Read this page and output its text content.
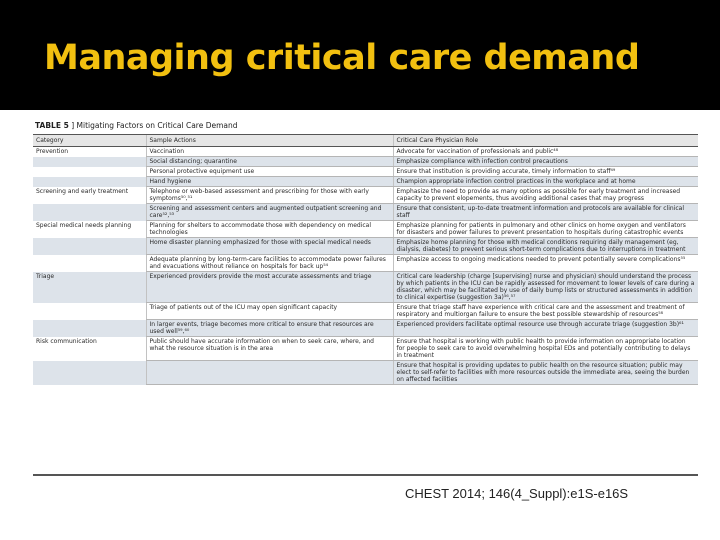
Managing critical care demand
TABLE 5 ] Mitigating Factors on Critical Care Demand
Category	Sample Actions	Critical Care Physician Role
Prevention	Vaccination	Advocate for vaccination of professionals and public⁴⁸
	Social distancing; quarantine	Emphasize compliance with infection control precautions
	Personal protective equipment use	Ensure that institution is providing accurate, timely information to staff⁴⁹
	Hand hygiene	Champion appropriate infection control practices in the workplace and at home
Screening and early treatment	Telephone or web-based assessment and prescribing for those with early symptoms⁵⁰,⁵¹	Emphasize the need to provide as many options as possible for early treatment and increased capacity to prevent elopements, thus avoiding additional cases that may progress
	Screening and assessment centers and augmented outpatient screening and care⁵²,⁵³	Ensure that consistent, up-to-date treatment information and protocols are available for clinical staff
Special medical needs planning	Planning for shelters to accommodate those with dependency on medical technologies	Emphasize planning for patients in pulmonary and other clinics on home oxygen and ventilators for disasters and power failures to prevent presentation to hospitals during catastrophic events
	Home disaster planning emphasized for those with special medical needs	Emphasize home planning for those with medical conditions requiring daily management (eg, dialysis, diabetes) to prevent serious short-term complications due to interruptions in treatment
	Adequate planning by long-term-care facilities to accommodate power failures and evacuations without reliance on hospitals for back up⁵⁴	Emphasize access to ongoing medications needed to prevent potentially severe complications⁵⁵
Triage	Experienced providers provide the most accurate assessments and triage	Critical care leadership (charge [supervising] nurse and physician) should understand the process by which patients in the ICU can be rapidly assessed for movement to lower levels of care during a disaster, which may be facilitated by use of daily bump lists or structured assessments in addition to clinical expertise (suggestion 3a)⁵⁶,⁵⁷
	Triage of patients out of the ICU may open significant capacity	Ensure that triage staff have experience with critical care and the assessment and treatment of respiratory and multiorgan failure to ensure the best possible stewardship of resources⁵⁸
	In larger events, triage becomes more critical to ensure that resources are used well⁵⁹,⁶⁰	Experienced providers facilitate optimal resource use through accurate triage (suggestion 3b)⁶¹
Risk communication	Public should have accurate information on when to seek care, where, and what the resource situation is in the area	Ensure that hospital is working with public health to provide information on appropriate location for people to seek care to avoid overwhelming hospital EDs and potentially contributing to delays in treatment
		Ensure that hospital is providing updates to public health on the resource situation; public may elect to self-refer to facilities with more resources outside the immediate area, seeing the burden on affected facilities
CHEST 2014; 146(4_Suppl):e1S-e16S
